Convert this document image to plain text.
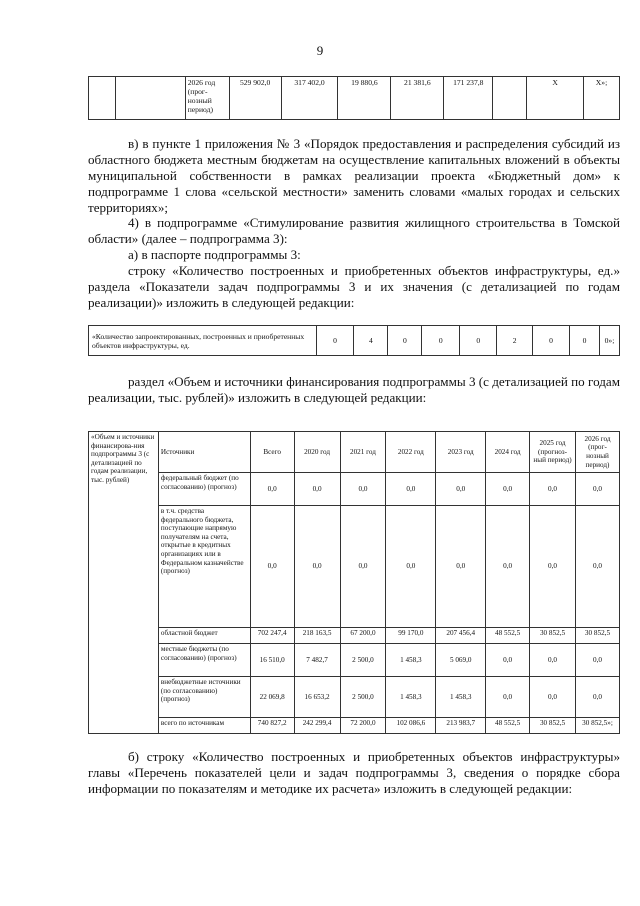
9
		2026 год (прог-нозный период)	529 902,0	317 402,0	19 880,6	21 381,6	171 237,8		Х	Х»;

в) в пункте 1 приложения № 3 «Порядок предоставления и распределения субсидий из областного бюджета местным бюджетам на осуществление капитальных вложений в объекты муниципальной собственности в рамках реализации проекта «Бюджетный дом» к подпрограмме 1 слова «сельской местности» заменить словами «малых городах и сельских территориях»;

4) в подпрограмме «Стимулирование развития жилищного строительства в Томской области» (далее – подпрограмма 3):

а) в паспорте подпрограммы 3:

строку «Количество построенных и приобретенных объектов инфраструктуры, ед.» раздела «Показатели задач подпрограммы 3 и их значения (с детализацией по годам реализации)» изложить в следующей редакции:

«Количество запроектированных, построенных и приобретенных объектов инфраструктуры, ед.	0	4	0	0	0	2	0	0	0»;

раздел «Объем и источники финансирования подпрограммы 3 (с детализацией по годам реализации, тыс. рублей)» изложить в следующей редакции:

«Объем и источники финансирова-ния подпрограммы 3 (с детализацией по годам реализации, тыс. рублей)	Источники	Всего	2020 год	2021 год	2022 год	2023 год	2024 год	2025 год (прогноз-ный период)	2026 год (прог-нозный период)
	федеральный бюджет (по согласованию) (прогноз)	0,0	0,0	0,0	0,0	0,0	0,0	0,0	0,0
	в т.ч. средства федерального бюджета, поступающие напрямую получателям на счета, открытые в кредитных организациях или в Федеральном казначействе (прогноз)	0,0	0,0	0,0	0,0	0,0	0,0	0,0	0,0
	областной бюджет	702 247,4	218 163,5	67 200,0	99 170,0	207 456,4	48 552,5	30 852,5	30 852,5
	местные бюджеты (по согласованию) (прогноз)	16 510,0	7 482,7	2 500,0	1 458,3	5 069,0	0,0	0,0	0,0
	внебюджетные источники (по согласованию) (прогноз)	22 069,8	16 653,2	2 500,0	1 458,3	1 458,3	0,0	0,0	0,0
	всего по источникам	740 827,2	242 299,4	72 200,0	102 086,6	213 983,7	48 552,5	30 852,5	30 852,5»;

б) строку «Количество построенных и приобретенных объектов инфраструктуры» главы «Перечень показателей цели и задач подпрограммы 3, сведения о порядке сбора информации по показателям и методике их расчета» изложить в следующей редакции:
